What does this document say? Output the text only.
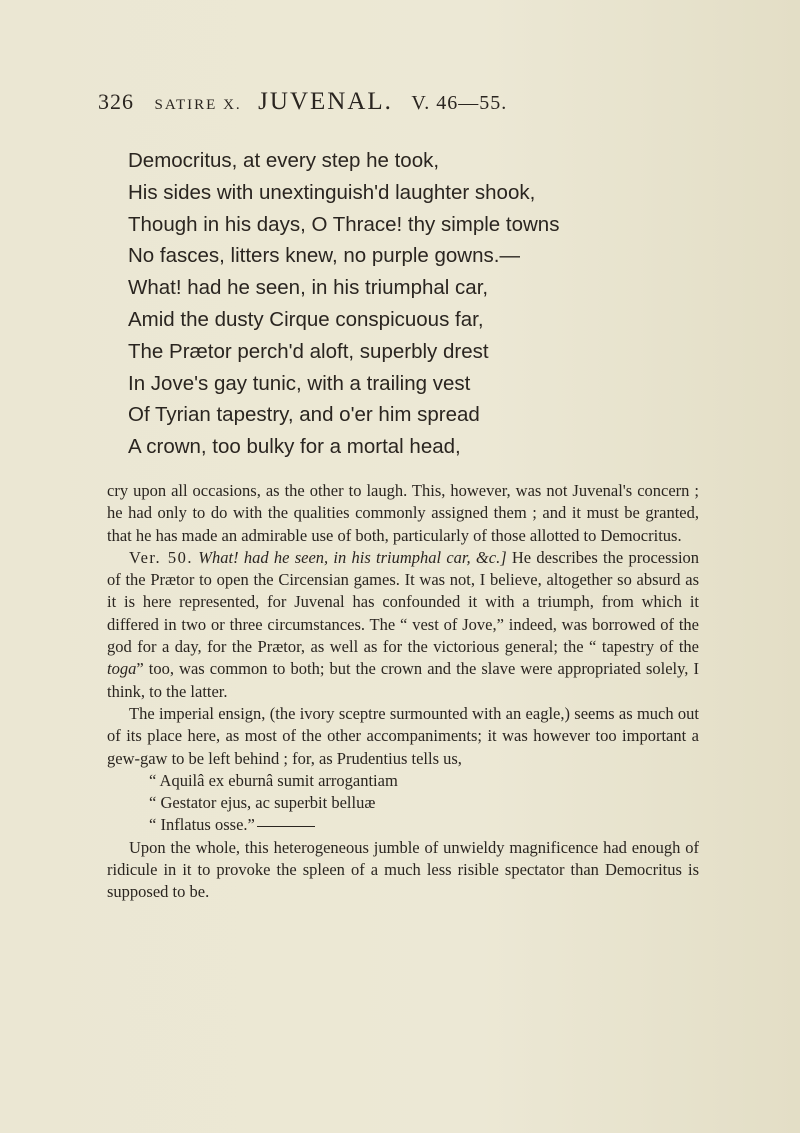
326 SATIRE X. JUVENAL. V. 46—55.
Democritus, at every step he took,
His sides with unextinguish'd laughter shook,
Though in his days, O Thrace! thy simple towns
No fasces, litters knew, no purple gowns.—
What! had he seen, in his triumphal car,
Amid the dusty Cirque conspicuous far,
The Prætor perch'd aloft, superbly drest
In Jove's gay tunic, with a trailing vest
Of Tyrian tapestry, and o'er him spread
A crown, too bulky for a mortal head,

cry upon all occasions, as the other to laugh. This, however, was not Juvenal's concern ; he had only to do with the qualities commonly assigned them ; and it must be granted, that he has made an admirable use of both, particularly of those allotted to Democritus.

Ver. 50. What! had he seen, in his triumphal car, &c.] He describes the procession of the Prætor to open the Circensian games. It was not, I believe, altogether so absurd as it is here represented, for Juvenal has confounded it with a triumph, from which it differed in two or three circumstances. The “ vest of Jove,” indeed, was borrowed of the god for a day, for the Prætor, as well as for the victorious general; the “ tapestry of the toga” too, was common to both; but the crown and the slave were appropriated solely, I think, to the latter.

The imperial ensign, (the ivory sceptre surmounted with an eagle,) seems as much out of its place here, as most of the other accompaniments; it was however too important a gew-gaw to be left behind ; for, as Prudentius tells us,

“ Aquilâ ex eburnâ sumit arrogantiam
“ Gestator ejus, ac superbit belluæ
“ Inflatus osse.”

Upon the whole, this heterogeneous jumble of unwieldy magnificence had enough of ridicule in it to provoke the spleen of a much less risible spectator than Democritus is supposed to be.
